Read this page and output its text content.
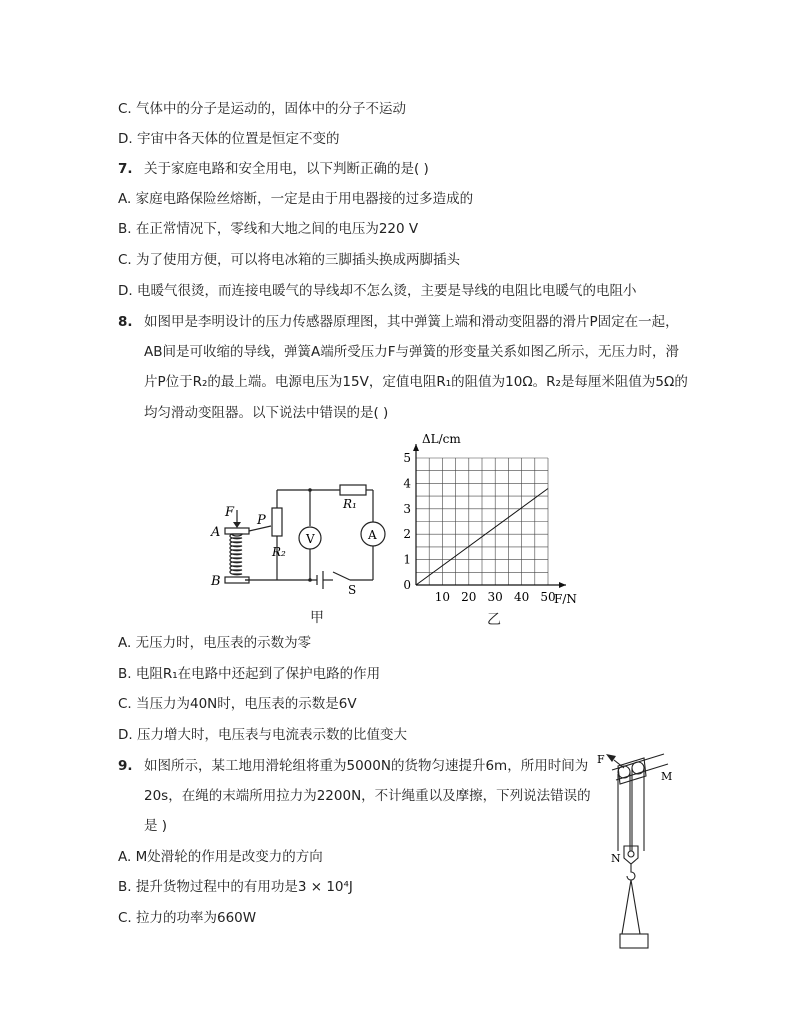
C. 气体中的分子是运动的，固体中的分子不运动
D. 宇宙中各天体的位置是恒定不变的
7. 关于家庭电路和安全用电，以下判断正确的是( )
A. 家庭电路保险丝熔断，一定是由于用电器接的过多造成的
B. 在正常情况下，零线和大地之间的电压为220 V
C. 为了使用方便，可以将电冰箱的三脚插头换成两脚插头
D. 电暖气很烫，而连接电暖气的导线却不怎么烫，主要是导线的电阻比电暖气的电阻小
8. 如图甲是李明设计的压力传感器原理图，其中弹簧上端和滑动变阻器的滑片P固定在一起，
AB间是可收缩的导线，弹簧A端所受压力F与弹簧的形变量关系如图乙所示，无压力时，滑
片P位于R₂的最上端。电源电压为15V，定值电阻R₁的阻值为10Ω。R₂是每厘米阻值为5Ω的
均匀滑动变阻器。以下说法中错误的是( )
F
P
A
B
R₁
R₂
V	A
S
甲
10 20 30 40 50
0
1
2
3
4
5
F/N
ΔL/cm
乙
A. 无压力时，电压表的示数为零
B. 电阻R₁在电路中还起到了保护电路的作用
C. 当压力为40N时，电压表的示数是6V
D. 压力增大时，电压表与电流表示数的比值变大
9. 如图所示，某工地用滑轮组将重为5000N的货物匀速提升6m，所用时间为
20s，在绳的末端所用拉力为2200N，不计绳重以及摩擦，下列说法错误的
是 )
A. M处滑轮的作用是改变力的方向
B. 提升货物过程中的有用功是3 × 10⁴J
C. 拉力的功率为660W
F
M
N
